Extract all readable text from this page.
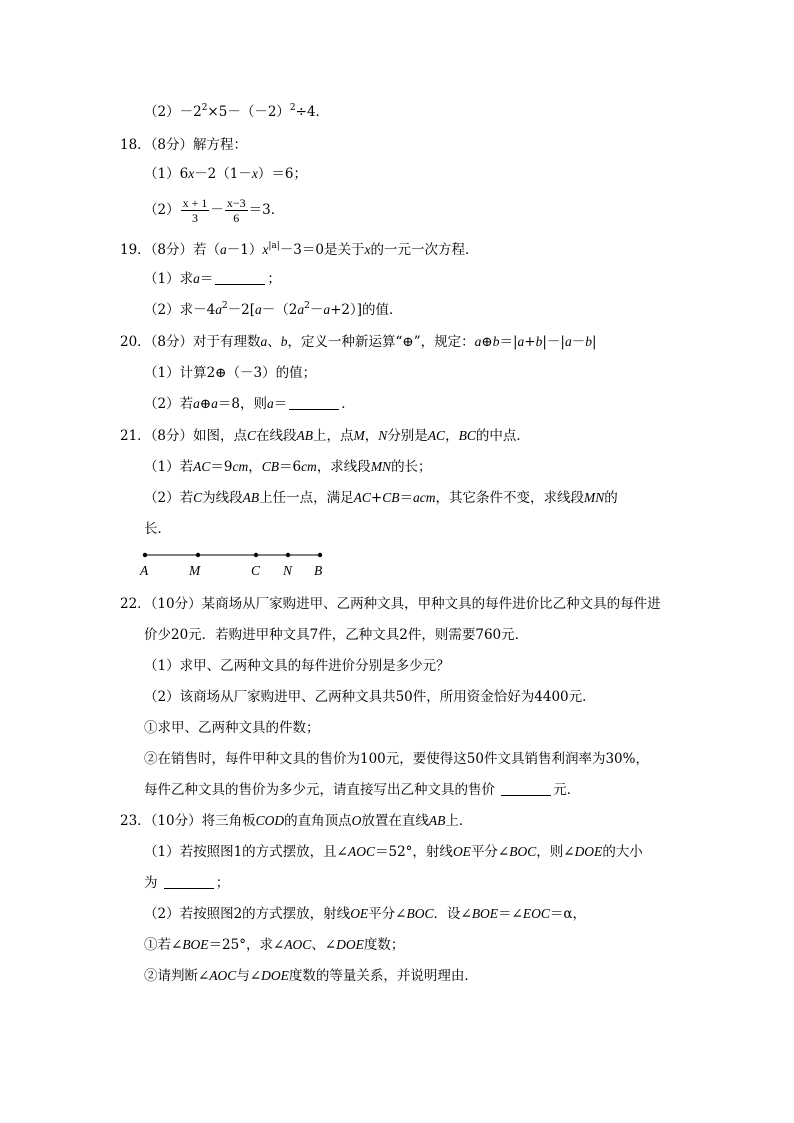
$(2)-2^2\times 5-(-2)^2\div 4$．
18．（8分）解方程：
（1）6x－2（1－x）＝6；
$(2) \frac{x + 1}{3} - \frac{x-3}{6} =3$．
19．（8分）若$(a-1)x^{|a|}-3=0$是关于x的一元一次方程．
（1）求a＝	；
（2）求$-4a^2-2[a-(2a^2-a+2)]$的值．
20．（8分）对于有理数a、b，定义一种新运算“⊕”，规定：a⊕b＝|a+b|－|a－b|
（1）计算2⊕（－3）的值；
（2）若a⊕a＝8，则a＝	．
21．（8分）如图，点C在线段AB上，点M，N分别是AC，BC的中点．
（1）若AC＝9cm，CB＝6cm，求线段MN的长；
（2）若C为线段AB上任一点，满足AC+CB＝acm，其它条件不变，求线段MN的
长．
A	M	C N B
22．（10分）某商场从厂家购进甲、乙两种文具，甲种文具的每件进价比乙种文具的每件进
价少20元．若购进甲种文具7件，乙种文具2件，则需要760元．
（1）求甲、乙两种文具的每件进价分别是多少元？
（2）该商场从厂家购进甲、乙两种文具共50件，所用资金恰好为4400元．
①求甲、乙两种文具的件数；
②在销售时，每件甲种文具的售价为100元，要使得这50件文具销售利润率为30%，
每件乙种文具的售价为多少元，请直接写出乙种文具的售价	元．
23．（10分）将三角板COD的直角顶点O放置在直线AB上．
（1）若按照图1的方式摆放，且∠AOC＝52°，射线OE平分∠BOC，则∠DOE的大小
为	；
（2）若按照图2的方式摆放，射线OE平分∠BOC．设∠BOE＝∠EOC＝α，
①若∠BOE＝25°，求∠AOC、∠DOE度数；
②请判断∠AOC与∠DOE度数的等量关系，并说明理由．
